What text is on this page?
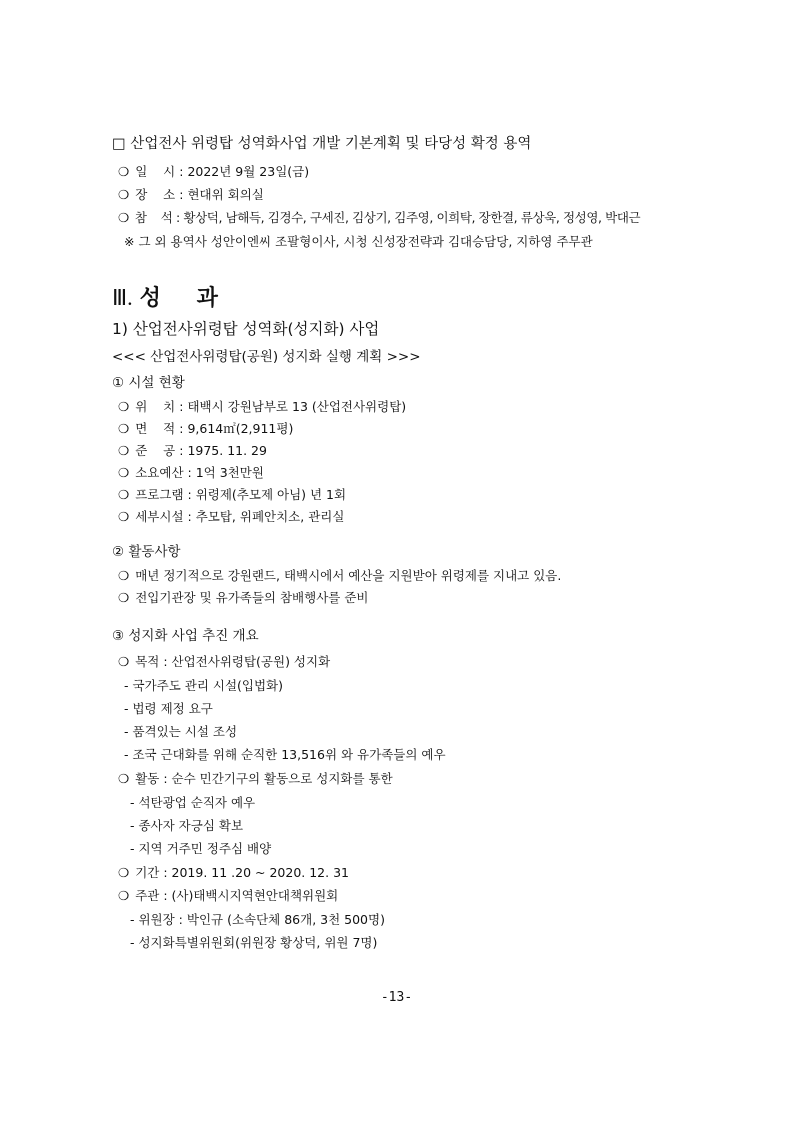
□ 산업전사 위령탑 성역화사업 개발 기본계획 및 타당성 확정 용역
❍ 일    시 : 2022년 9월 23일(금)
❍ 장    소 : 현대위 회의실
❍ 참    석 : 황상덕, 남해득, 김경수, 구세진, 김상기, 김주영, 이희탁, 장한결, 류상욱, 정성영, 박대근
※ 그 외 용역사 성안이엔씨 조팔형이사, 시청 신성장전략과 김대승담당, 지하영 주무관
Ⅲ. 성 과
1) 산업전사위령탑 성역화(성지화) 사업
<<< 산업전사위령탑(공원) 성지화 실행 계획 >>>
① 시설 현황
❍ 위    치 : 태백시 강원남부로 13 (산업전사위령탑)
❍ 면    적 : 9,614㎡(2,911평)
❍ 준    공 : 1975. 11. 29
❍ 소요예산 : 1억 3천만원
❍ 프로그램 : 위령제(추모제 아님) 년 1회
❍ 세부시설 : 추모탑, 위폐안치소, 관리실
② 활동사항
❍ 매년 정기적으로 강원랜드, 태백시에서 예산을 지원받아 위령제를 지내고 있음.
❍ 전입기관장 및 유가족들의 참배행사를 준비
③ 성지화 사업 추진 개요
❍ 목적 : 산업전사위령탑(공원) 성지화
- 국가주도 관리 시설(입법화)
- 법령 제정 요구
- 품격있는 시설 조성
- 조국 근대화를 위해 순직한 13,516위 와 유가족들의 예우
❍ 활동 : 순수 민간기구의 활동으로 성지화를 통한
- 석탄광업 순직자 예우
- 종사자 자긍심 확보
- 지역 거주민 정주심 배양
❍ 기간 : 2019. 11 .20 ~ 2020. 12. 31
❍ 주관 : (사)태백시지역현안대책위원회
- 위원장 : 박인규 (소속단체 86개, 3천 500명)
- 성지화특별위원회(위원장 황상덕, 위원 7명)
-13-
